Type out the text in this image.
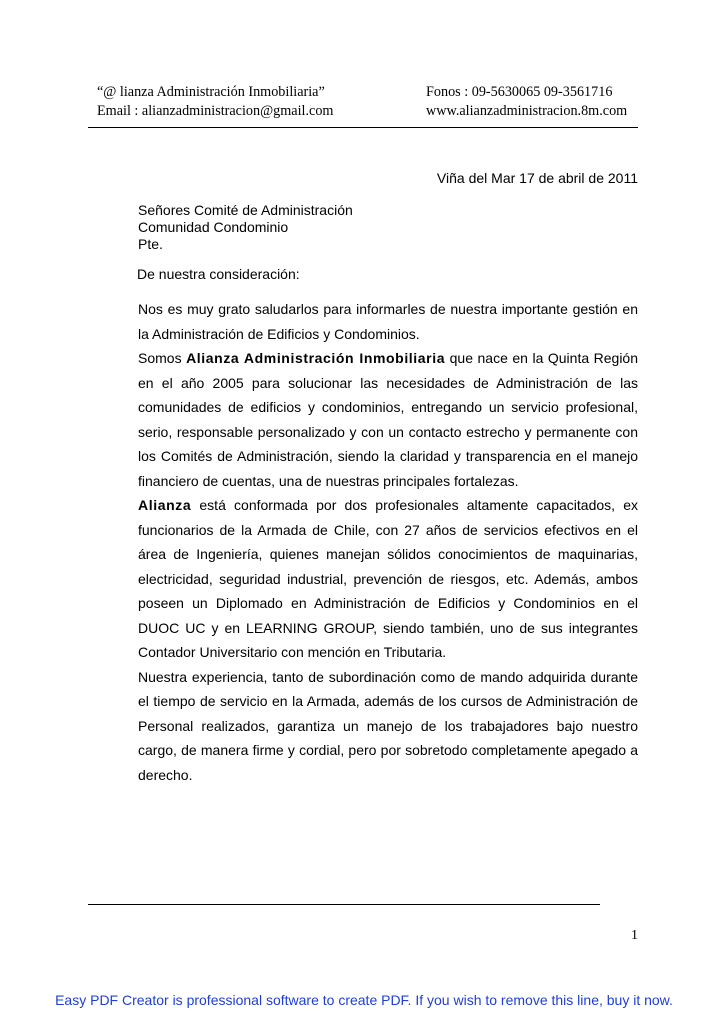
“@ lianza Administración Inmobiliaria”	Fonos : 09-5630065 09-3561716
Email : alianzadministracion@gmail.com	www.alianzadministracion.8m.com
Viña del Mar 17 de abril de 2011
Señores Comité de Administración
Comunidad Condominio
Pte.
De nuestra consideración:

Nos es muy grato saludarlos para informarles de nuestra importante gestión en la Administración de Edificios y Condominios.

Somos Alianza Administración Inmobiliaria que nace en la Quinta Región en el año 2005 para solucionar las necesidades de Administración de las comunidades de edificios y condominios, entregando un servicio profesional, serio, responsable personalizado y con un contacto estrecho y permanente con los Comités de Administración, siendo la claridad y transparencia en el manejo financiero de cuentas, una de nuestras principales fortalezas.

Alianza está conformada por dos profesionales altamente capacitados, ex funcionarios de la Armada de Chile, con 27 años de servicios efectivos en el área de Ingeniería, quienes manejan sólidos conocimientos de maquinarias, electricidad, seguridad industrial, prevención de riesgos, etc. Además, ambos poseen un Diplomado en Administración de Edificios y Condominios en el DUOC UC y en LEARNING GROUP, siendo también, uno de sus integrantes Contador Universitario con mención en Tributaria.

Nuestra experiencia, tanto de subordinación como de mando adquirida durante el tiempo de servicio en la Armada, además de los cursos de Administración de Personal realizados, garantiza un manejo de los trabajadores bajo nuestro cargo, de manera firme y cordial, pero por sobretodo completamente apegado a derecho.

1
Easy PDF Creator is professional software to create PDF. If you wish to remove this line, buy it now.
